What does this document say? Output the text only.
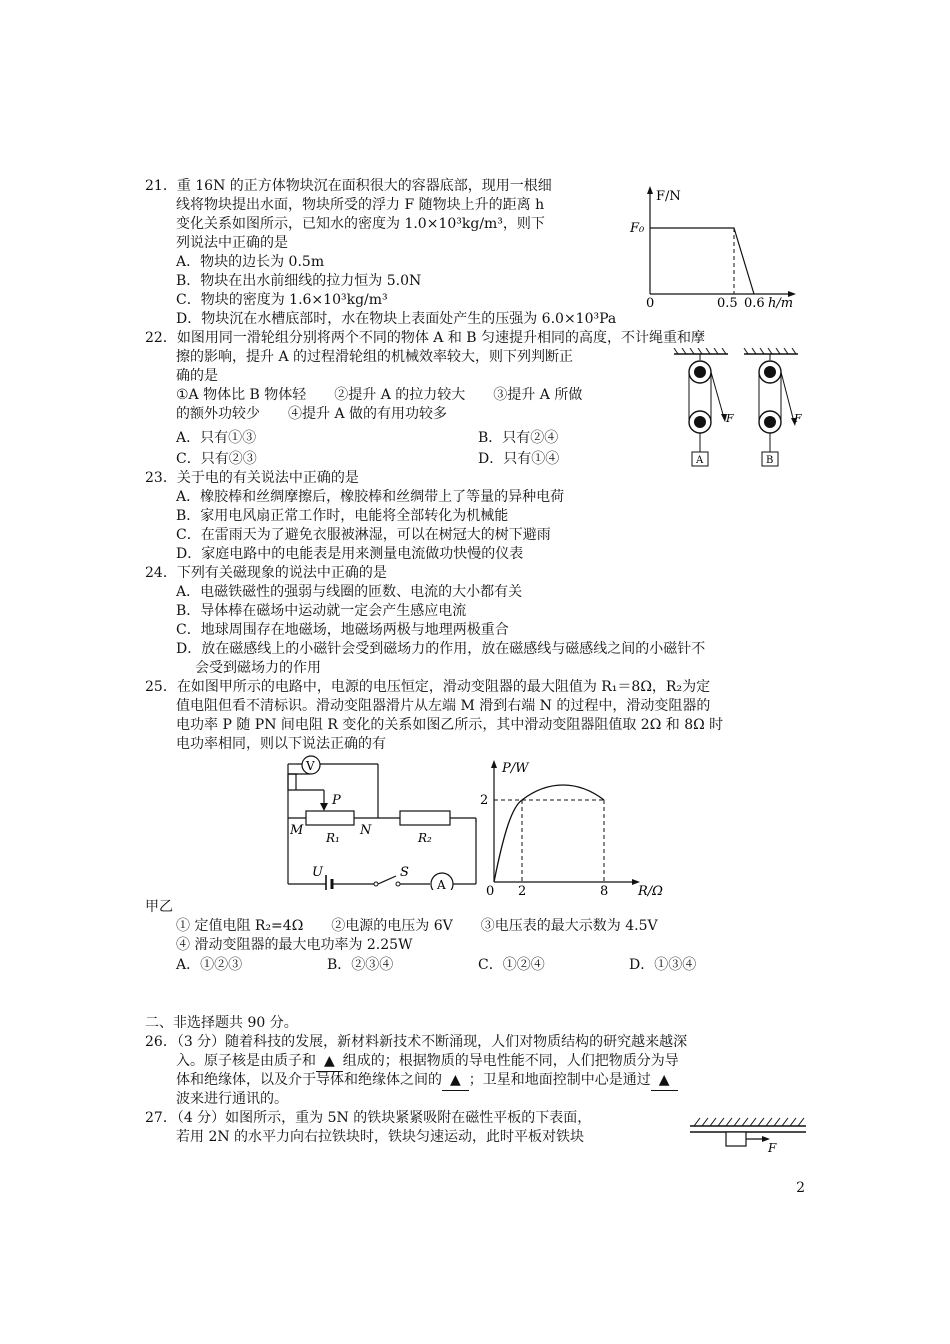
21．重 16N 的正方体物块沉在面积很大的容器底部，现用一根细
线将物块提出水面，物块所受的浮力 F 随物块上升的距离 h
变化关系如图所示，已知水的密度为 1.0×10³kg/m³，则下
列说法中正确的是
A．物块的边长为 0.5m
B．物块在出水前细线的拉力恒为 5.0N
C．物块的密度为 1.6×10³kg/m³
D．物块沉在水槽底部时，水在物块上表面处产生的压强为 6.0×10³Pa
F/N
F₀
0	0.5 0.6 h/m
22．如图用同一滑轮组分别将两个不同的物体 A 和 B 匀速提升相同的高度，不计绳重和摩
擦的影响，提升 A 的过程滑轮组的机械效率较大，则下列判断正
确的是
①A 物体比 B 物体轻　　②提升 A 的拉力较大　　③提升 A 所做
的额外功较少　　④提升 A 做的有用功较多
A．只有①③	B．只有②④
C．只有②③	D．只有①④
F
A
F
B
23．关于电的有关说法中正确的是
A．橡胶棒和丝绸摩擦后，橡胶棒和丝绸带上了等量的异种电荷
B．家用电风扇正常工作时，电能将全部转化为机械能
C．在雷雨天为了避免衣服被淋湿，可以在树冠大的树下避雨
D．家庭电路中的电能表是用来测量电流做功快慢的仪表
24．下列有关磁现象的说法中正确的是
A．电磁铁磁性的强弱与线圈的匝数、电流的大小都有关
B．导体棒在磁场中运动就一定会产生感应电流
C．地球周围存在地磁场，地磁场两极与地理两极重合
D．放在磁感线上的小磁针会受到磁场力的作用，放在磁感线与磁感线之间的小磁针不
会受到磁场力的作用
25．在如图甲所示的电路中，电源的电压恒定，滑动变阻器的最大阻值为 R₁＝8Ω，R₂为定
值电阻但看不清标识。滑动变阻器滑片从左端 M 滑到右端 N 的过程中，滑动变阻器的
电功率 P 随 PN 间电阻 R 变化的关系如图乙所示，其中滑动变阻器阻值取 2Ω 和 8Ω 时
电功率相同，则以下说法正确的有
A
P
M	N
R₁	R₂
U	S
V	P/W
2
0 2	8 R/Ω
甲乙
① 定值电阻 R₂=4Ω　　②电源的电压为 6V　　③电压表的最大示数为 4.5V
④ 滑动变阻器的最大电功率为 2.25W
A．①②③	B．②③④	C．①②④	D．①③④
二、非选择题共 90 分。
26．（3 分）随着科技的发展，新材料新技术不断涌现，人们对物质结构的研究越来越深
入。原子核是由质子和 ▲ 组成的；根据物质的导电性能不同，人们把物质分为导
体和绝缘体，以及介于导体和绝缘体之间的 ▲ ；卫星和地面控制中心是通过 ▲
波来进行通讯的。
27．（4 分）如图所示，重为 5N 的铁块紧紧吸附在磁性平板的下表面，
若用 2N 的水平力向右拉铁块时，铁块匀速运动，此时平板对铁块
F
2
